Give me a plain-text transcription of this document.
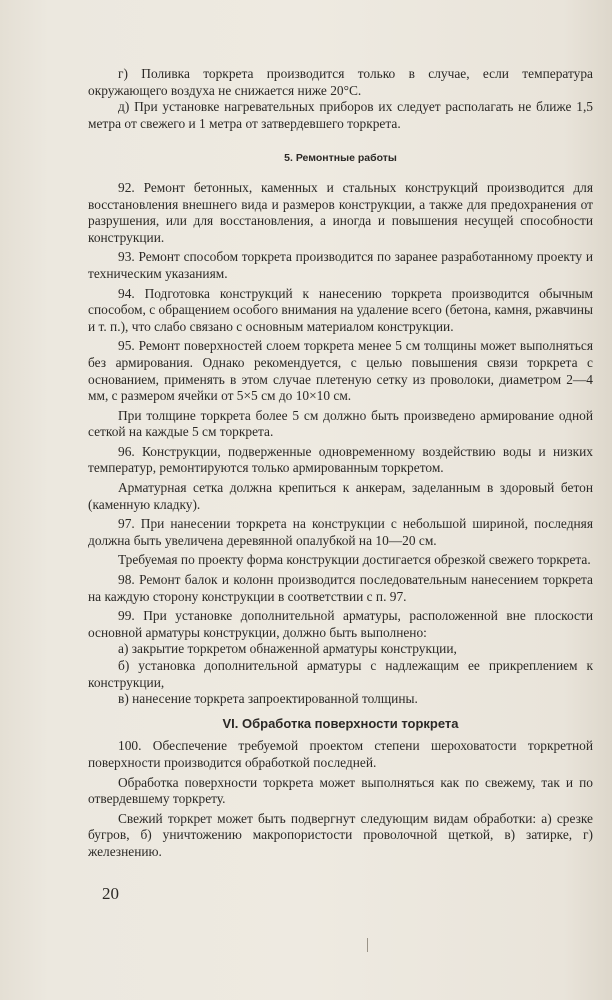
г) Поливка торкрета производится только в случае, если температура окружающего воздуха не снижается ниже 20°С.

д) При установке нагревательных приборов их следует располагать не ближе 1,5 метра от свежего и 1 метра от затвердевшего торкрета.

5. Ремонтные работы

92. Ремонт бетонных, каменных и стальных конструкций производится для восстановления внешнего вида и размеров конструкции, а также для предохранения от разрушения, или для восстановления, а иногда и повышения несущей способности конструкции.

93. Ремонт способом торкрета производится по заранее разработанному проекту и техническим указаниям.

94. Подготовка конструкций к нанесению торкрета производится обычным способом, с обращением особого внимания на удаление всего (бетона, камня, ржавчины и т. п.), что слабо связано с основным материалом конструкции.

95. Ремонт поверхностей слоем торкрета менее 5 см толщины может выполняться без армирования. Однако рекомендуется, с целью повышения связи торкрета с основанием, применять в этом случае плетеную сетку из проволоки, диаметром 2—4 мм, с размером ячейки от 5×5 см до 10×10 см.

При толщине торкрета более 5 см должно быть произведено армирование одной сеткой на каждые 5 см торкрета.

96. Конструкции, подверженные одновременному воздействию воды и низких температур, ремонтируются только армированным торкретом.

Арматурная сетка должна крепиться к анкерам, заделанным в здоровый бетон (каменную кладку).

97. При нанесении торкрета на конструкции с небольшой шириной, последняя должна быть увеличена деревянной опалубкой на 10—20 см.

Требуемая по проекту форма конструкции достигается обрезкой свежего торкрета.

98. Ремонт балок и колонн производится последовательным нанесением торкрета на каждую сторону конструкции в соответствии с п. 97.

99. При установке дополнительной арматуры, расположенной вне плоскости основной арматуры конструкции, должно быть выполнено:

а) закрытие торкретом обнаженной арматуры конструкции,

б) установка дополнительной арматуры с надлежащим ее прикреплением к конструкции,

в) нанесение торкрета запроектированной толщины.

VI. Обработка поверхности торкрета

100. Обеспечение требуемой проектом степени шероховатости торкретной поверхности производится обработкой последней.

Обработка поверхности торкрета может выполняться как по свежему, так и по отвердевшему торкрету.

Свежий торкрет может быть подвергнут следующим видам обработки: а) срезке бугров, б) уничтожению макропористости проволочной щеткой, в) затирке, г) железнению.

20
